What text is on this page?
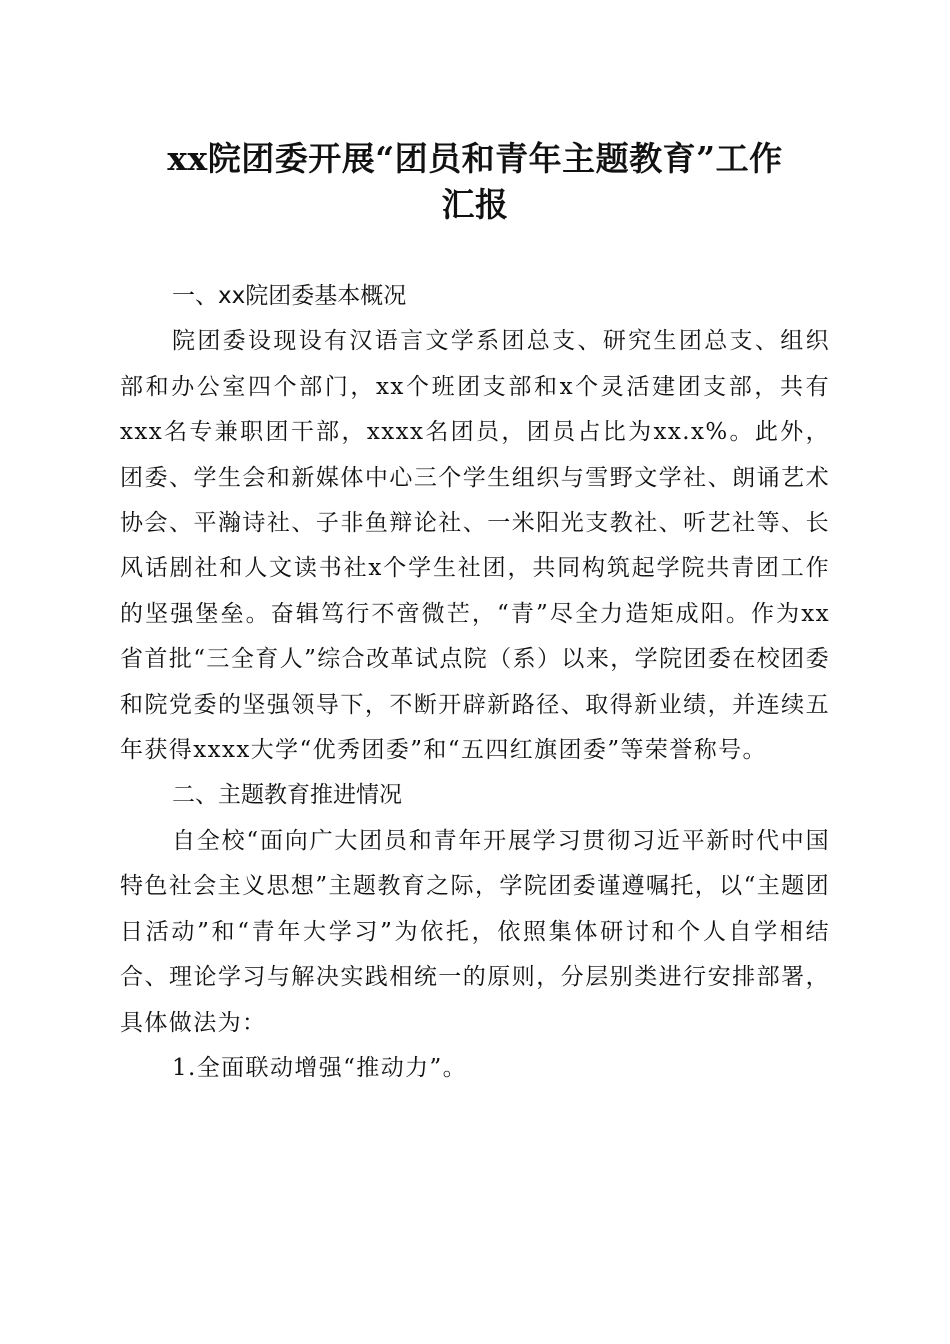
xx院团委开展“团员和青年主题教育”工作
汇报
一、xx院团委基本概况

院团委设现设有汉语言文学系团总支、研究生团总支、组织部和办公室四个部门，xx个班团支部和x个灵活建团支部，共有xxx名专兼职团干部，xxxx名团员，团员占比为xx.x%。此外，团委、学生会和新媒体中心三个学生组织与雪野文学社、朗诵艺术协会、平瀚诗社、子非鱼辩论社、一米阳光支教社、听艺社等、长风话剧社和人文读书社x个学生社团，共同构筑起学院共青团工作的坚强堡垒。奋辑笃行不啻微芒，“青”尽全力造矩成阳。作为xx省首批“三全育人”综合改革试点院（系）以来，学院团委在校团委和院党委的坚强领导下，不断开辟新路径、取得新业绩，并连续五年获得xxxx大学“优秀团委”和“五四红旗团委”等荣誉称号。

二、主题教育推进情况

自全校“面向广大团员和青年开展学习贯彻习近平新时代中国特色社会主义思想”主题教育之际，学院团委谨遵嘱托，以“主题团日活动”和“青年大学习”为依托，依照集体研讨和个人自学相结合、理论学习与解决实践相统一的原则，分层别类进行安排部署，具体做法为：

1.全面联动增强“推动力”。
